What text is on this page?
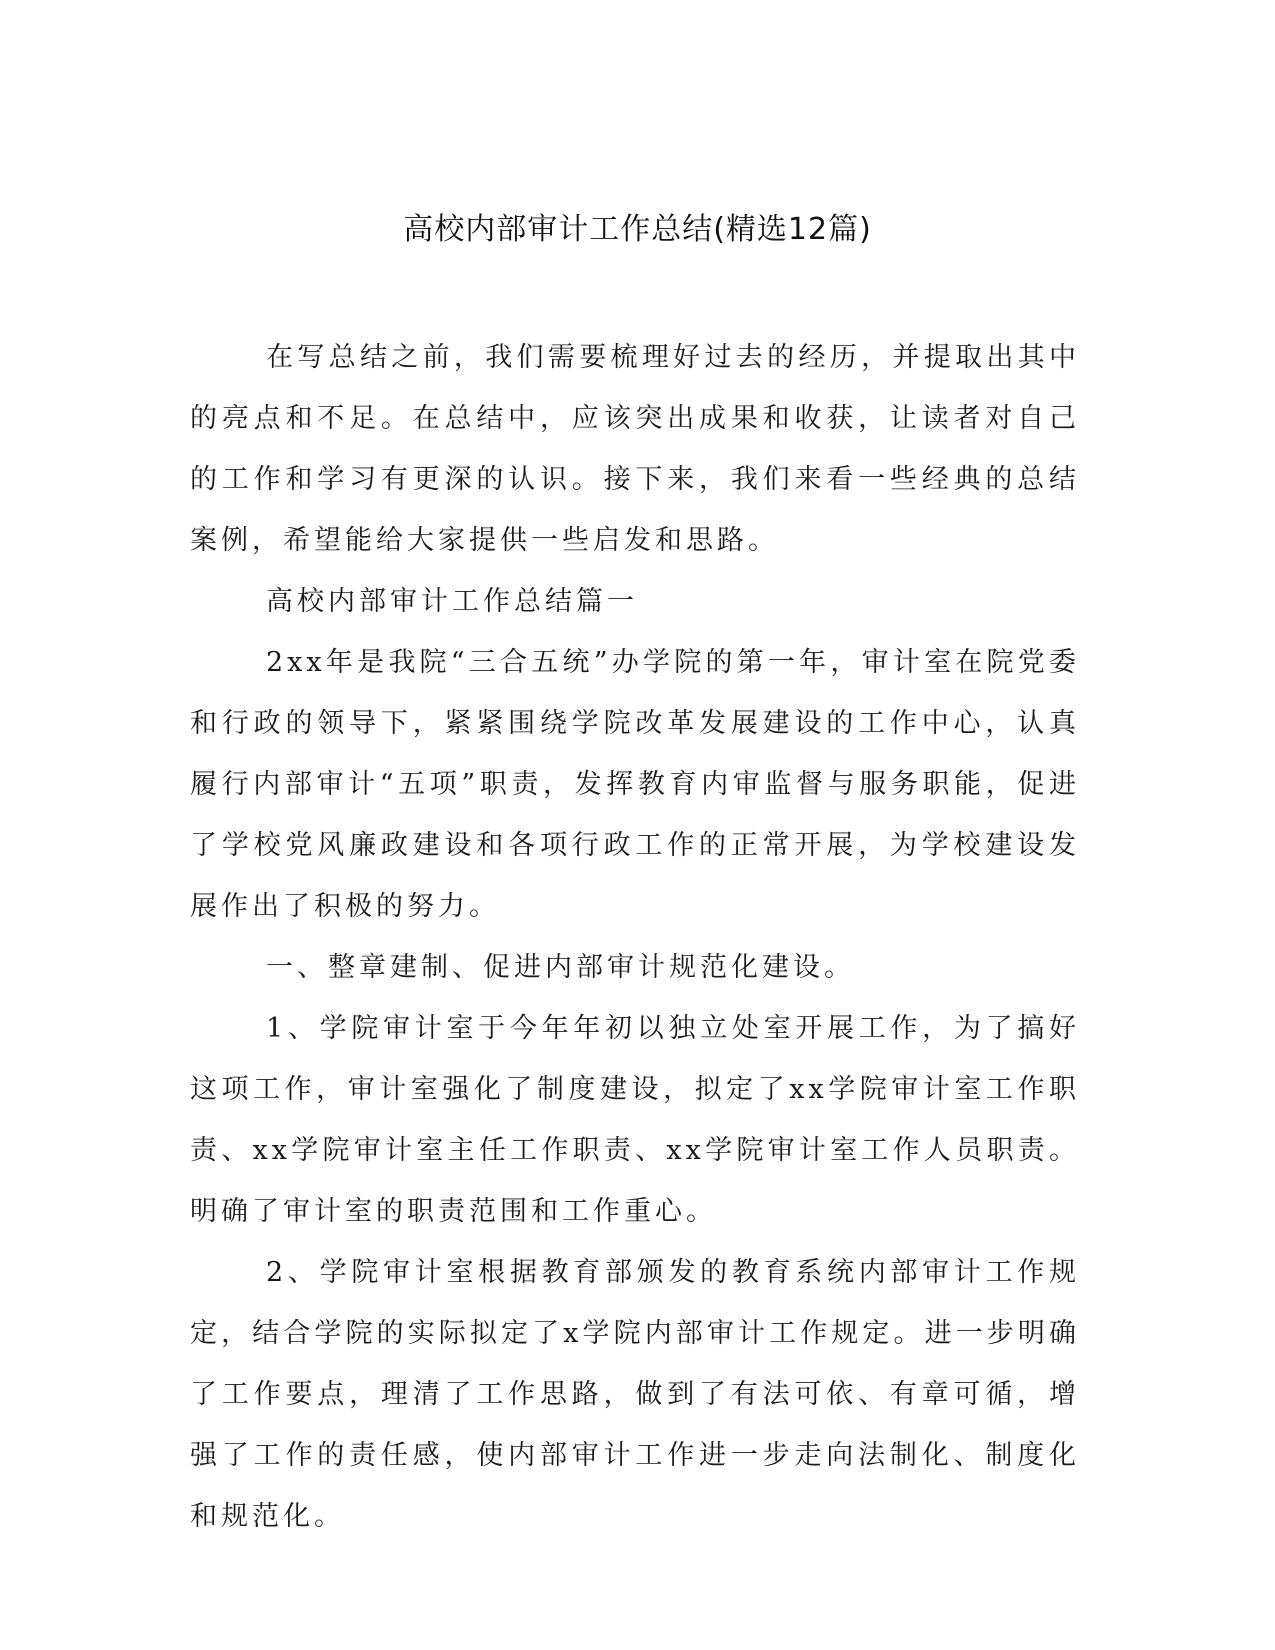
高校内部审计工作总结(精选12篇)

在写总结之前，我们需要梳理好过去的经历，并提取出其中的亮点和不足。在总结中，应该突出成果和收获，让读者对自己的工作和学习有更深的认识。接下来，我们来看一些经典的总结案例，希望能给大家提供一些启发和思路。

高校内部审计工作总结篇一

2xx年是我院“三合五统”办学院的第一年，审计室在院党委和行政的领导下，紧紧围绕学院改革发展建设的工作中心，认真履行内部审计“五项”职责，发挥教育内审监督与服务职能，促进了学校党风廉政建设和各项行政工作的正常开展，为学校建设发展作出了积极的努力。

一、整章建制、促进内部审计规范化建设。

1、学院审计室于今年年初以独立处室开展工作，为了搞好这项工作，审计室强化了制度建设，拟定了xx学院审计室工作职责、xx学院审计室主任工作职责、xx学院审计室工作人员职责。明确了审计室的职责范围和工作重心。

2、学院审计室根据教育部颁发的教育系统内部审计工作规定，结合学院的实际拟定了x学院内部审计工作规定。进一步明确了工作要点，理清了工作思路，做到了有法可依、有章可循，增强了工作的责任感，使内部审计工作进一步走向法制化、制度化和规范化。
